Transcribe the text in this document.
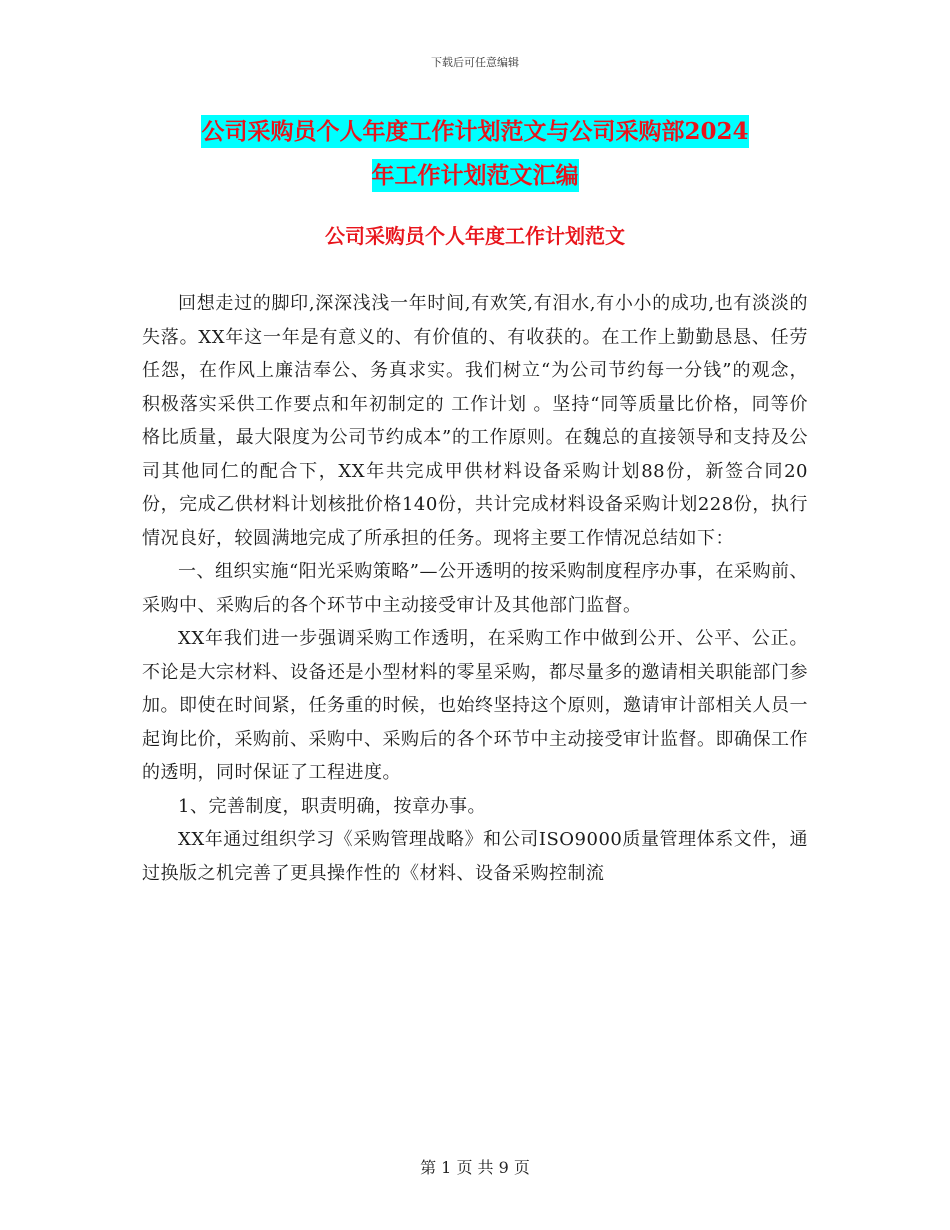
下载后可任意编辑
公司采购员个人年度工作计划范文与公司采购部2024
年工作计划范文汇编
公司采购员个人年度工作计划范文

回想走过的脚印,深深浅浅一年时间,有欢笑,有泪水,有小小的成功,也有淡淡的失落。XX年这一年是有意义的、有价值的、有收获的。在工作上勤勤恳恳、任劳任怨，在作风上廉洁奉公、务真求实。我们树立“为公司节约每一分钱”的观念，积极落实采供工作要点和年初制定的 工作计划 。坚持“同等质量比价格，同等价格比质量，最大限度为公司节约成本”的工作原则。在魏总的直接领导和支持及公司其他同仁的配合下，XX年共完成甲供材料设备采购计划88份，新签合同20份，完成乙供材料计划核批价格140份，共计完成材料设备采购计划228份，执行情况良好，较圆满地完成了所承担的任务。现将主要工作情况总结如下：

一、组织实施“阳光采购策略”—公开透明的按采购制度程序办事，在采购前、采购中、采购后的各个环节中主动接受审计及其他部门监督。

XX年我们进一步强调采购工作透明，在采购工作中做到公开、公平、公正。不论是大宗材料、设备还是小型材料的零星采购，都尽量多的邀请相关职能部门参加。即使在时间紧，任务重的时候，也始终坚持这个原则，邀请审计部相关人员一起询比价，采购前、采购中、采购后的各个环节中主动接受审计监督。即确保工作的透明，同时保证了工程进度。

1、完善制度，职责明确，按章办事。

XX年通过组织学习《采购管理战略》和公司ISO9000质量管理体系文件，通过换版之机完善了更具操作性的《材料、设备采购控制流

第 1 页 共 9 页
